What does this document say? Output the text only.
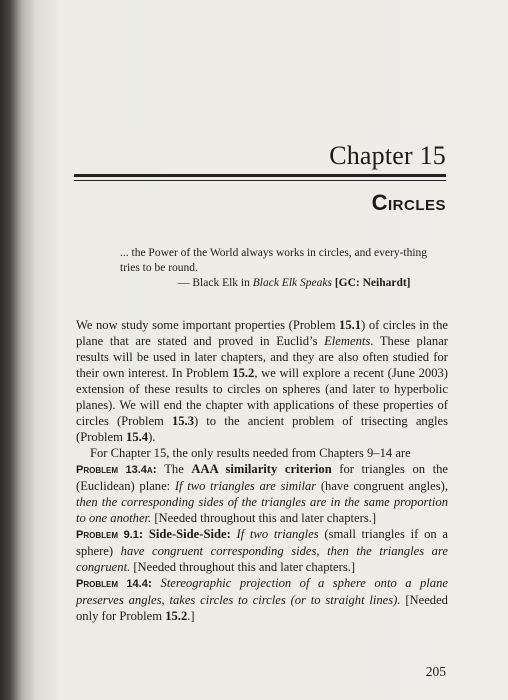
Chapter 15
Circles
... the Power of the World always works in circles, and every-thing tries to be round.
— Black Elk in Black Elk Speaks [GC: Neihardt]

We now study some important properties (Problem 15.1) of circles in the plane that are stated and proved in Euclid’s Elements. These planar results will be used in later chapters, and they are also often studied for their own interest. In Problem 15.2, we will explore a recent (June 2003) extension of these results to circles on spheres (and later to hyperbolic planes). We will end the chapter with applications of these properties of circles (Problem 15.3) to the ancient problem of trisecting angles (Problem 15.4).

For Chapter 15, the only results needed from Chapters 9–14 are

Problem 13.4a: The AAA similarity criterion for triangles on the (Euclidean) plane: If two triangles are similar (have congruent angles), then the corresponding sides of the triangles are in the same proportion to one another. [Needed throughout this and later chapters.]

Problem 9.1: Side-Side-Side: If two triangles (small triangles if on a sphere) have congruent corresponding sides, then the triangles are congruent. [Needed throughout this and later chapters.]

Problem 14.4: Stereographic projection of a sphere onto a plane preserves angles, takes circles to circles (or to straight lines). [Needed only for Problem 15.2.]

205
